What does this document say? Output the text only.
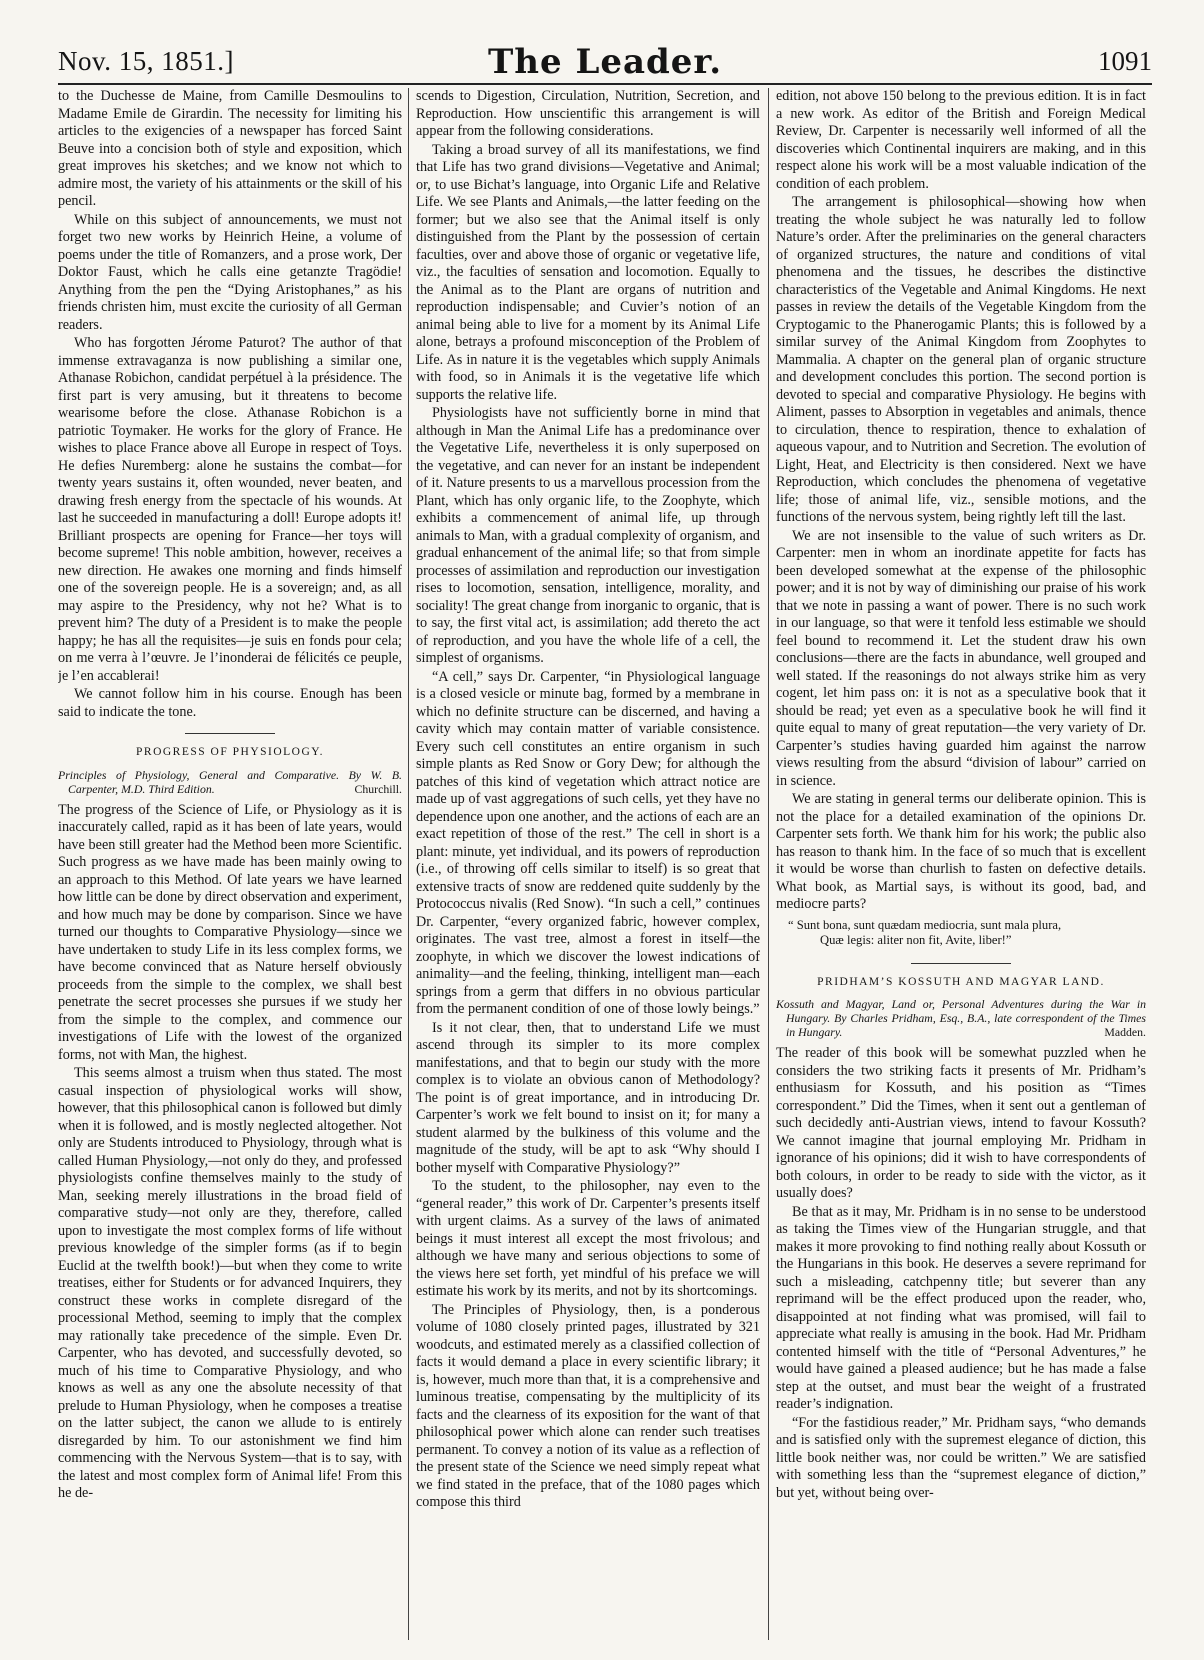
Nov. 15, 1851.]	The Leader.	1091

to the Duchesse de Maine, from Camille Desmoulins to Madame Emile de Girardin. The necessity for limiting his articles to the exigencies of a newspaper has forced Saint Beuve into a concision both of style and exposition, which great improves his sketches; and we know not which to admire most, the variety of his attainments or the skill of his pencil.

While on this subject of announcements, we must not forget two new works by Heinrich Heine, a volume of poems under the title of Romanzers, and a prose work, Der Doktor Faust, which he calls eine getanzte Tragödie! Anything from the pen the “Dying Aristophanes,” as his friends christen him, must excite the curiosity of all German readers.

Who has forgotten Jérome Paturot? The author of that immense extravaganza is now publishing a similar one, Athanase Robichon, candidat perpétuel à la présidence. The first part is very amusing, but it threatens to become wearisome before the close. Athanase Robichon is a patriotic Toymaker. He works for the glory of France. He wishes to place France above all Europe in respect of Toys. He defies Nuremberg: alone he sustains the combat—for twenty years sustains it, often wounded, never beaten, and drawing fresh energy from the spectacle of his wounds. At last he succeeded in manufacturing a doll! Europe adopts it! Brilliant prospects are opening for France—her toys will become supreme! This noble ambition, however, receives a new direction. He awakes one morning and finds himself one of the sovereign people. He is a sovereign; and, as all may aspire to the Presidency, why not he? What is to prevent him? The duty of a President is to make the people happy; he has all the requisites—je suis en fonds pour cela; on me verra à l’œuvre. Je l’inonderai de félicités ce peuple, je l’en accablerai!

We cannot follow him in his course. Enough has been said to indicate the tone.

PROGRESS OF PHYSIOLOGY.
Principles of Physiology, General and Comparative. By W. B. Carpenter, M.D. Third Edition.	Churchill.

The progress of the Science of Life, or Physiology as it is inaccurately called, rapid as it has been of late years, would have been still greater had the Method been more Scientific. Such progress as we have made has been mainly owing to an approach to this Method. Of late years we have learned how little can be done by direct observation and experiment, and how much may be done by comparison. Since we have turned our thoughts to Comparative Physiology—since we have undertaken to study Life in its less complex forms, we have become convinced that as Nature herself obviously proceeds from the simple to the complex, we shall best penetrate the secret processes she pursues if we study her from the simple to the complex, and commence our investigations of Life with the lowest of the organized forms, not with Man, the highest.

This seems almost a truism when thus stated. The most casual inspection of physiological works will show, however, that this philosophical canon is followed but dimly when it is followed, and is mostly neglected altogether. Not only are Students introduced to Physiology, through what is called Human Physiology,—not only do they, and professed physiologists confine themselves mainly to the study of Man, seeking merely illustrations in the broad field of comparative study—not only are they, therefore, called upon to investigate the most complex forms of life without previous knowledge of the simpler forms (as if to begin Euclid at the twelfth book!)—but when they come to write treatises, either for Students or for advanced Inquirers, they construct these works in complete disregard of the processional Method, seeming to imply that the complex may rationally take precedence of the simple. Even Dr. Carpenter, who has devoted, and successfully devoted, so much of his time to Comparative Physiology, and who knows as well as any one the absolute necessity of that prelude to Human Physiology, when he composes a treatise on the latter subject, the canon we allude to is entirely disregarded by him. To our astonishment we find him commencing with the Nervous System—that is to say, with the latest and most complex form of Animal life! From this he de-

scends to Digestion, Circulation, Nutrition, Secretion, and Reproduction. How unscientific this arrangement is will appear from the following considerations.

Taking a broad survey of all its manifestations, we find that Life has two grand divisions—Vegetative and Animal; or, to use Bichat’s language, into Organic Life and Relative Life. We see Plants and Animals,—the latter feeding on the former; but we also see that the Animal itself is only distinguished from the Plant by the possession of certain faculties, over and above those of organic or vegetative life, viz., the faculties of sensation and locomotion. Equally to the Animal as to the Plant are organs of nutrition and reproduction indispensable; and Cuvier’s notion of an animal being able to live for a moment by its Animal Life alone, betrays a profound misconception of the Problem of Life. As in nature it is the vegetables which supply Animals with food, so in Animals it is the vegetative life which supports the relative life.

Physiologists have not sufficiently borne in mind that although in Man the Animal Life has a predominance over the Vegetative Life, nevertheless it is only superposed on the vegetative, and can never for an instant be independent of it. Nature presents to us a marvellous procession from the Plant, which has only organic life, to the Zoophyte, which exhibits a commencement of animal life, up through animals to Man, with a gradual complexity of organism, and gradual enhancement of the animal life; so that from simple processes of assimilation and reproduction our investigation rises to locomotion, sensation, intelligence, morality, and sociality! The great change from inorganic to organic, that is to say, the first vital act, is assimilation; add thereto the act of reproduction, and you have the whole life of a cell, the simplest of organisms.

“A cell,” says Dr. Carpenter, “in Physiological language is a closed vesicle or minute bag, formed by a membrane in which no definite structure can be discerned, and having a cavity which may contain matter of variable consistence. Every such cell constitutes an entire organism in such simple plants as Red Snow or Gory Dew; for although the patches of this kind of vegetation which attract notice are made up of vast aggregations of such cells, yet they have no dependence upon one another, and the actions of each are an exact repetition of those of the rest.” The cell in short is a plant: minute, yet individual, and its powers of reproduction (i.e., of throwing off cells similar to itself) is so great that extensive tracts of snow are reddened quite suddenly by the Protococcus nivalis (Red Snow). “In such a cell,” continues Dr. Carpenter, “every organized fabric, however complex, originates. The vast tree, almost a forest in itself—the zoophyte, in which we discover the lowest indications of animality—and the feeling, thinking, intelligent man—each springs from a germ that differs in no obvious particular from the permanent condition of one of those lowly beings.”

Is it not clear, then, that to understand Life we must ascend through its simpler to its more complex manifestations, and that to begin our study with the more complex is to violate an obvious canon of Methodology? The point is of great importance, and in introducing Dr. Carpenter’s work we felt bound to insist on it; for many a student alarmed by the bulkiness of this volume and the magnitude of the study, will be apt to ask “Why should I bother myself with Comparative Physiology?”

To the student, to the philosopher, nay even to the “general reader,” this work of Dr. Carpenter’s presents itself with urgent claims. As a survey of the laws of animated beings it must interest all except the most frivolous; and although we have many and serious objections to some of the views here set forth, yet mindful of his preface we will estimate his work by its merits, and not by its shortcomings.

The Principles of Physiology, then, is a ponderous volume of 1080 closely printed pages, illustrated by 321 woodcuts, and estimated merely as a classified collection of facts it would demand a place in every scientific library; it is, however, much more than that, it is a comprehensive and luminous treatise, compensating by the multiplicity of its facts and the clearness of its exposition for the want of that philosophical power which alone can render such treatises permanent. To convey a notion of its value as a reflection of the present state of the Science we need simply repeat what we find stated in the preface, that of the 1080 pages which compose this third

edition, not above 150 belong to the previous edition. It is in fact a new work. As editor of the British and Foreign Medical Review, Dr. Carpenter is necessarily well informed of all the discoveries which Continental inquirers are making, and in this respect alone his work will be a most valuable indication of the condition of each problem.

The arrangement is philosophical—showing how when treating the whole subject he was naturally led to follow Nature’s order. After the preliminaries on the general characters of organized structures, the nature and conditions of vital phenomena and the tissues, he describes the distinctive characteristics of the Vegetable and Animal Kingdoms. He next passes in review the details of the Vegetable Kingdom from the Cryptogamic to the Phanerogamic Plants; this is followed by a similar survey of the Animal Kingdom from Zoophytes to Mammalia. A chapter on the general plan of organic structure and development concludes this portion. The second portion is devoted to special and comparative Physiology. He begins with Aliment, passes to Absorption in vegetables and animals, thence to circulation, thence to respiration, thence to exhalation of aqueous vapour, and to Nutrition and Secretion. The evolution of Light, Heat, and Electricity is then considered. Next we have Reproduction, which concludes the phenomena of vegetative life; those of animal life, viz., sensible motions, and the functions of the nervous system, being rightly left till the last.

We are not insensible to the value of such writers as Dr. Carpenter: men in whom an inordinate appetite for facts has been developed somewhat at the expense of the philosophic power; and it is not by way of diminishing our praise of his work that we note in passing a want of power. There is no such work in our language, so that were it tenfold less estimable we should feel bound to recommend it. Let the student draw his own conclusions—there are the facts in abundance, well grouped and well stated. If the reasonings do not always strike him as very cogent, let him pass on: it is not as a speculative book that it should be read; yet even as a speculative book he will find it quite equal to many of great reputation—the very variety of Dr. Carpenter’s studies having guarded him against the narrow views resulting from the absurd “division of labour” carried on in science.

We are stating in general terms our deliberate opinion. This is not the place for a detailed examination of the opinions Dr. Carpenter sets forth. We thank him for his work; the public also has reason to thank him. In the face of so much that is excellent it would be worse than churlish to fasten on defective details. What book, as Martial says, is without its good, bad, and mediocre parts?

“ Sunt bona, sunt quædam mediocria, sunt mala plura,
Quæ legis: aliter non fit, Avite, liber!”
PRIDHAM’S KOSSUTH AND MAGYAR LAND.
Kossuth and Magyar, Land or, Personal Adventures during the War in Hungary. By Charles Pridham, Esq., B.A., late correspondent of the Times in Hungary.	Madden.

The reader of this book will be somewhat puzzled when he considers the two striking facts it presents of Mr. Pridham’s enthusiasm for Kossuth, and his position as “Times correspondent.” Did the Times, when it sent out a gentleman of such decidedly anti-Austrian views, intend to favour Kossuth? We cannot imagine that journal employing Mr. Pridham in ignorance of his opinions; did it wish to have correspondents of both colours, in order to be ready to side with the victor, as it usually does?

Be that as it may, Mr. Pridham is in no sense to be understood as taking the Times view of the Hungarian struggle, and that makes it more provoking to find nothing really about Kossuth or the Hungarians in this book. He deserves a severe reprimand for such a misleading, catchpenny title; but severer than any reprimand will be the effect produced upon the reader, who, disappointed at not finding what was promised, will fail to appreciate what really is amusing in the book. Had Mr. Pridham contented himself with the title of “Personal Adventures,” he would have gained a pleased audience; but he has made a false step at the outset, and must bear the weight of a frustrated reader’s indignation.

“For the fastidious reader,” Mr. Pridham says, “who demands and is satisfied only with the supremest elegance of diction, this little book neither was, nor could be written.” We are satisfied with something less than the “supremest elegance of diction,” but yet, without being over-
